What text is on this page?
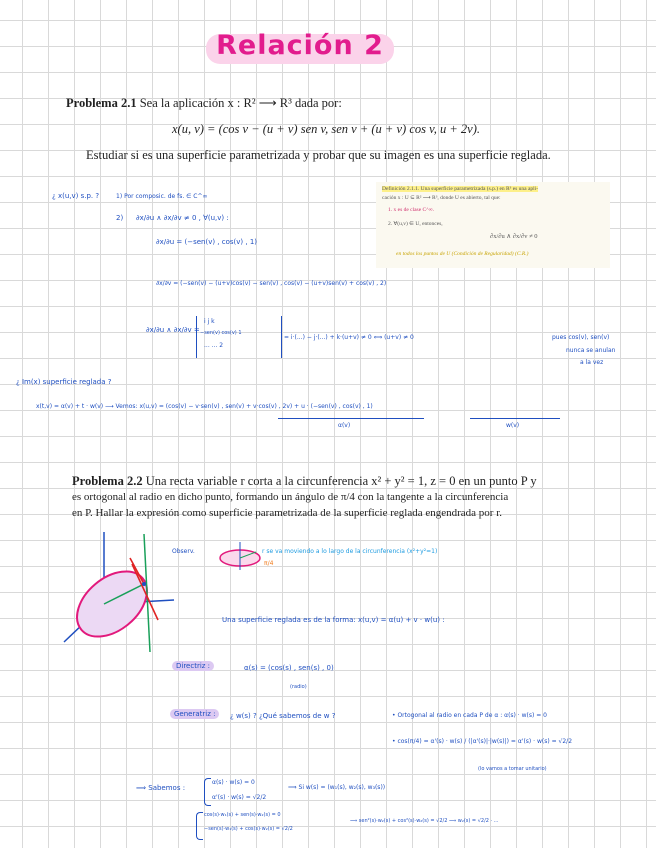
Relación 2
Problema 2.1 Sea la aplicación x : R² ⟶ R³ dada por:
x(u, v) = (cos v − (u + v) sen v, sen v + (u + v) cos v, u + 2v).
Estudiar si es una superficie parametrizada y probar que su imagen es una superficie reglada.
Definición 2.1.1. Una superficie parametrizada (s.p.) en R³ es una apli-
cación x : U ⊆ R² ⟶ R³, donde U es abierto, tal que:
1. x es de clase C^∞.
2. ∀(u,v) ∈ U, entonces,
∂x/∂u ∧ ∂x/∂v ≠ 0
en todos los puntos de U (Condición de Regularidad) (C.R.)
¿ x(u,v) s.p. ?	1) Por composic. de fs. ∈ C^∞
2) ∂x/∂u ∧ ∂x/∂v ≠ 0 , ∀(u,v) :
∂x/∂u = (−sen(v) , cos(v) , 1)
∂x/∂v = (−sen(v) − (u+v)cos(v) − sen(v) , cos(v) − (u+v)sen(v) + cos(v) , 2)
∂x/∂u ∧ ∂x/∂v =
i j k
−sen(v) cos(v) 1
... ... 2
= i·(...) − j·(...) + k·(u+v) ≠ 0 ⟺ (u+v) ≠ 0	pues cos(v), sen(v)
nunca se anulan
a la vez
¿ Im(x) superficie reglada ?
x(t,v) = α(v) + t · w(v) ⟶ Vemos: x(u,v) = (cos(v) − v·sen(v) , sen(v) + v·cos(v) , 2v) + u · (−sen(v) , cos(v) , 1)
α(v)	w(v)
Problema 2.2 Una recta variable r corta a la circunferencia x² + y² = 1, z = 0 en un punto P y
es ortogonal al radio en dicho punto, formando un ángulo de π/4 con la tangente a la circunferencia
en P. Hallar la expresión como superficie parametrizada de la superficie reglada engendrada por r.
Observ.	r se va moviendo a lo largo de la circunferencia (x²+y²=1)
π/4
Una superficie reglada es de la forma: x(u,v) = α(u) + v · w(u) :
Directriz :	α(s) = (cos(s) , sen(s) , 0)
(radio)
Generatriz :	¿ w(s) ? ¿Qué sabemos de w ?	• Ortogonal al radio en cada P de α : α(s) · w(s) = 0
• cos(π/4) = α'(s) · w(s) / (|α'(s)|·|w(s)|) = α'(s) · w(s) = √2/2
(lo vamos a tomar unitario)
⟹ Sabemos :
α(s) · w(s) = 0
α'(s) · w(s) = √2/2
⟹ Si w(s) = (w₁(s), w₂(s), w₃(s))
cos(s)·w₁(s) + sen(s)·w₂(s) = 0
−sen(s)·w₁(s) + cos(s)·w₂(s) = √2/2
⟹ sen²(s)·w₂(s) + cos²(s)·w₂(s) = √2/2 ⟹ w₂(s) = √2/2 · ...
